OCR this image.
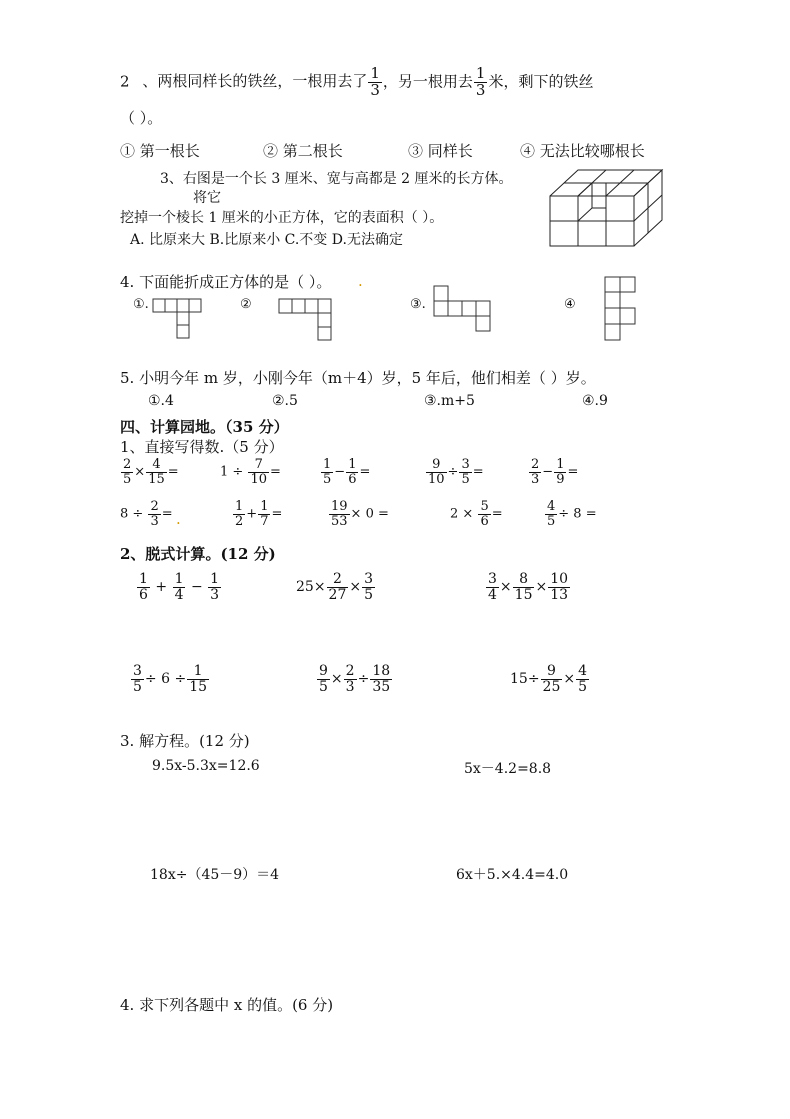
2 、两根同样长的铁丝，一根用去了 $\frac{1}{3}$ ，另一根用去 $\frac{1}{3}$ 米，剩下的铁丝
（ ）。
① 第一根长	② 第二根长	③ 同样长	④ 无法比较哪根长
3、右图是一个长 3 厘米、宽与高都是 2 厘米的长方体。
将它
挖掉一个棱长 1 厘米的小正方体，它的表面积（ ）。
A. 比原来大 B.比原来小 C.不变 D.无法确定
4. 下面能折成正方体的是（ ）。 .
①.	②	③.	④
5. 小明今年 m 岁，小刚今年（m＋4）岁，5 年后，他们相差（ ）岁。
①.4	②.5	③.m+5	④.9
四、计算园地。（35 分）
1、直接写得数.（5 分）
$\frac{2}{5} \times \frac{4}{15}$ =	$1 \div \frac{7}{10}$ =	$\frac{1}{5} - \frac{1}{6}$ =	$\frac{9}{10} \div \frac{3}{5}$ =	$\frac{2}{3} - \frac{1}{9}$ =
$8 \div \frac{2}{3}$ = .	$\frac{1}{2} + \frac{1}{7}$ =	$\frac{19}{53} \times 0$ =	$2 \times \frac{5}{6}$ =	$\frac{4}{5} \div 8$ =
2、脱式计算。(12 分)
$\frac{1}{6} + \frac{1}{4} - \frac{1}{3}$	$25\times \frac{2}{27} \times \frac{3}{5}$	$\frac{3}{4} \times \frac{8}{15} \times \frac{10}{13}$
$\frac{3}{5} \div 6 \div \frac{1}{15}$	$\frac{9}{5} \times \frac{2}{3} \div \frac{18}{35}$	$15\div \frac{9}{25} \times \frac{4}{5}$
3. 解方程。(12 分)
9.5x-5.3x=12.6	5x－4.2=8.8
18x÷（45－9）＝4	6x＋5.×4.4=4.0
4. 求下列各题中 x 的值。(6 分)
